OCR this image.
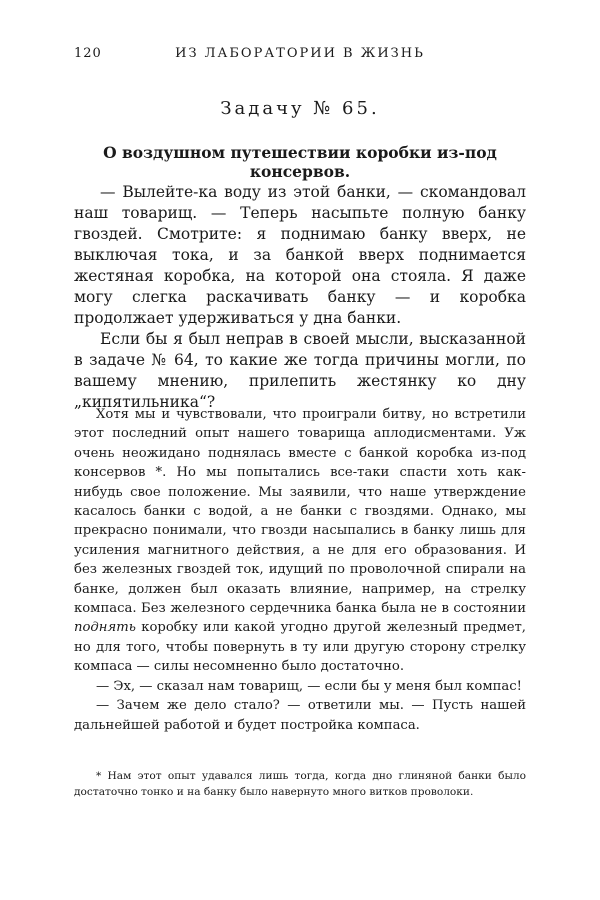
120	ИЗ ЛАБОРАТОРИИ В ЖИЗНЬ
Задачу № 65.
О воздушном путешествии коробки из-под консервов.

— Вылейте-ка воду из этой банки, — скомандовал наш товарищ. — Теперь насыпьте полную банку гвоздей. Смотрите: я поднимаю банку вверх, не выключая тока, и за банкой вверх поднимается жестяная коробка, на которой она стояла. Я даже могу слегка раскачивать банку — и коробка продолжает удерживаться у дна банки.

Если бы я был неправ в своей мысли, высказанной в задаче № 64, то какие же тогда причины могли, по вашему мнению, прилепить жестянку ко дну „кипятильника“?

Хотя мы и чувствовали, что проиграли битву, но встретили этот последний опыт нашего товарища аплодисментами. Уж очень неожидано поднялась вместе с банкой коробка из-под консервов *. Но мы попытались все-таки спасти хоть как-нибудь свое положение. Мы заявили, что наше утверждение касалось банки с водой, а не банки с гвоздями. Однако, мы прекрасно понимали, что гвозди насыпались в банку лишь для усиления магнитного действия, а не для его образования. И без железных гвоздей ток, идущий по проволочной спирали на банке, должен был оказать влияние, например, на стрелку компаса. Без железного сердечника банка была не в состоянии поднять коробку или какой угодно другой железный предмет, но для того, чтобы повернуть в ту или другую сторону стрелку компаса — силы несомненно было достаточно.

— Эх, — сказал нам товарищ, — если бы у меня был компас!

— Зачем же дело стало? — ответили мы. — Пусть нашей дальнейшей работой и будет постройка компаса.

* Нам этот опыт удавался лишь тогда, когда дно глиняной банки было достаточно тонко и на банку было навернуто много витков проволоки.
